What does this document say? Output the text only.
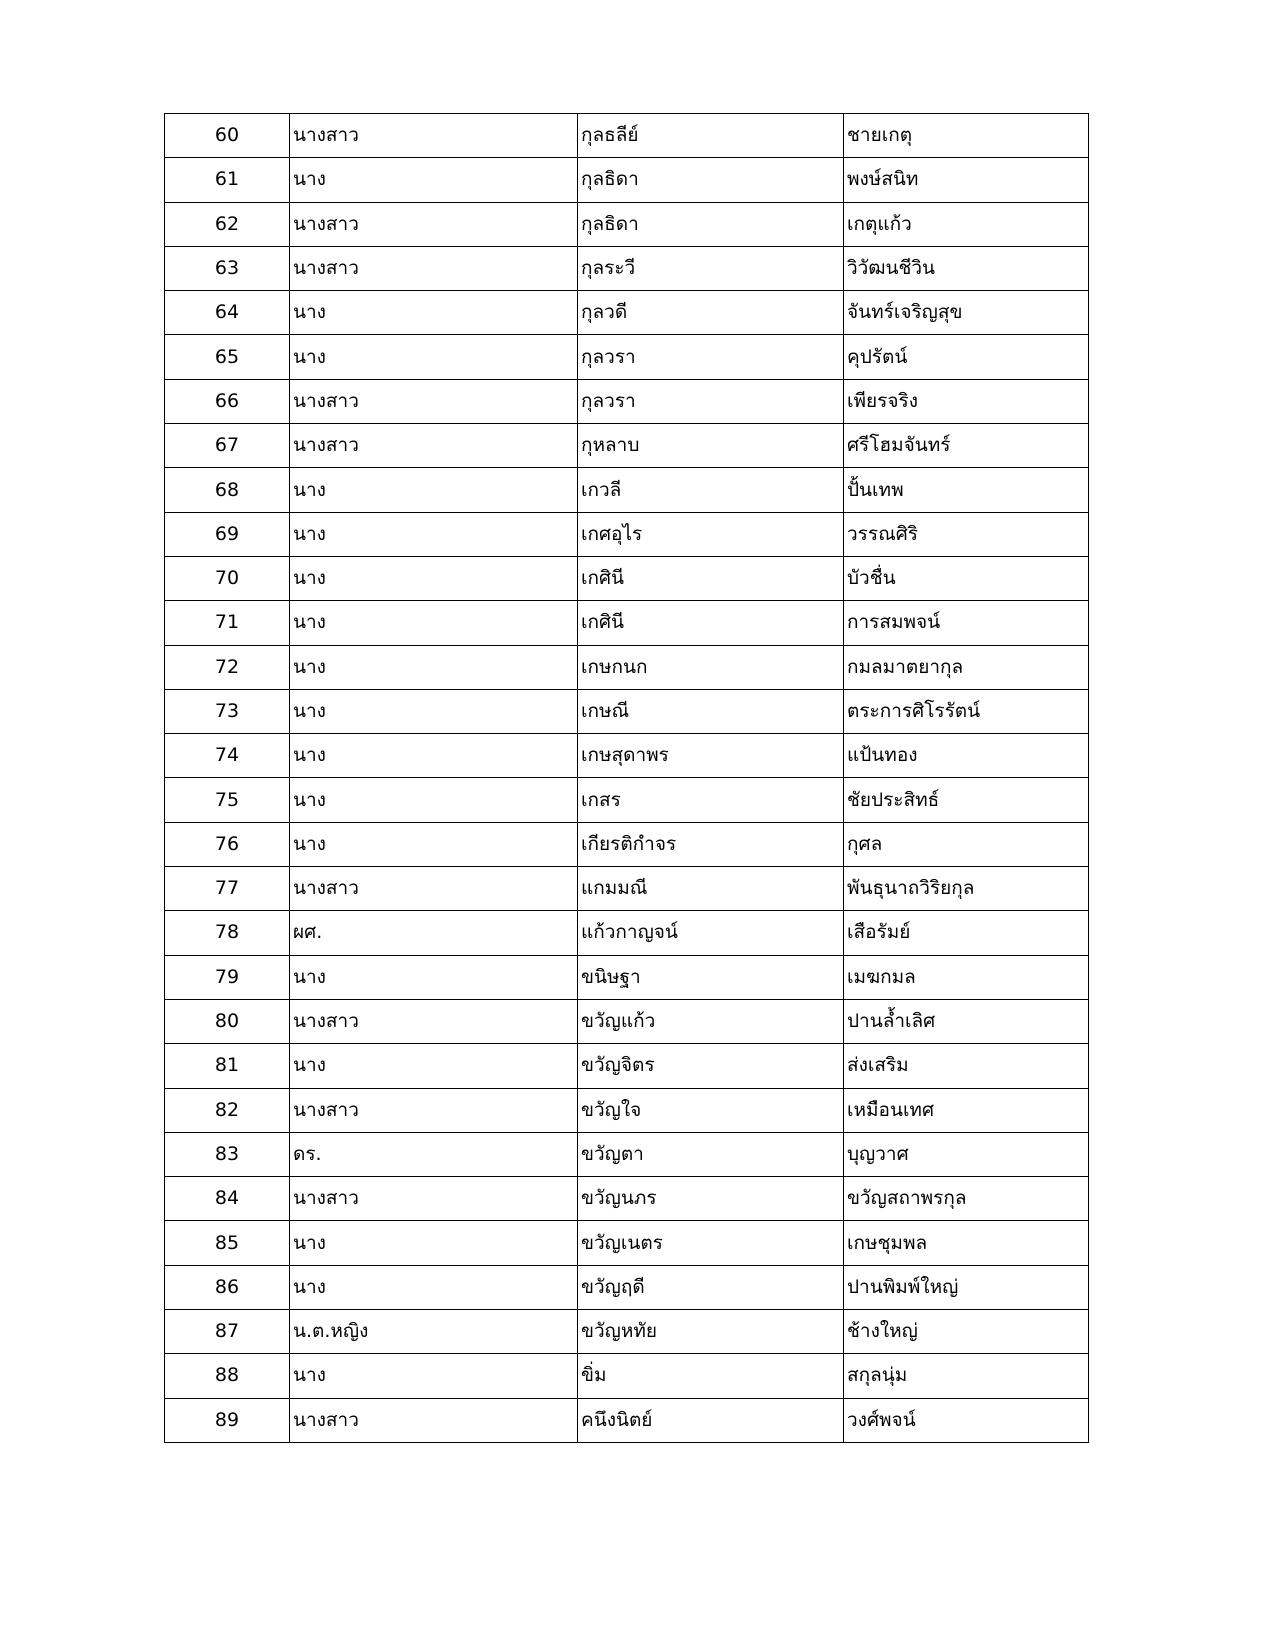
60	นางสาว	กุลธลีย์	ชายเกตุ
61	นาง	กุลธิดา	พงษ์สนิท
62	นางสาว	กุลธิดา	เกตุแก้ว
63	นางสาว	กุลระวี	วิวัฒนชีวิน
64	นาง	กุลวดี	จันทร์เจริญสุข
65	นาง	กุลวรา	คุปรัตน์
66	นางสาว	กุลวรา	เพียรจริง
67	นางสาว	กุหลาบ	ศรีโฮมจันทร์
68	นาง	เกวลี	ปั้นเทพ
69	นาง	เกศอุไร	วรรณศิริ
70	นาง	เกศินี	บัวชื่น
71	นาง	เกศินี	การสมพจน์
72	นาง	เกษกนก	กมลมาตยากุล
73	นาง	เกษณี	ตระการศิโรรัตน์
74	นาง	เกษสุดาพร	แป้นทอง
75	นาง	เกสร	ชัยประสิทธ์
76	นาง	เกียรติกำจร	กุศล
77	นางสาว	แกมมณี	พันธุนาถวิริยกุล
78	ผศ.	แก้วกาญจน์	เสือรัมย์
79	นาง	ขนิษฐา	เมฆกมล
80	นางสาว	ขวัญแก้ว	ปานล้ำเลิศ
81	นาง	ขวัญจิตร	ส่งเสริม
82	นางสาว	ขวัญใจ	เหมือนเทศ
83	ดร.	ขวัญตา	บุญวาศ
84	นางสาว	ขวัญนภร	ขวัญสถาพรกุล
85	นาง	ขวัญเนตร	เกษชุมพล
86	นาง	ขวัญฤดี	ปานพิมพ์ใหญ่
87	น.ต.หญิง	ขวัญหทัย	ช้างใหญ่
88	นาง	ขิ่ม	สกุลนุ่ม
89	นางสาว	คนึงนิตย์	วงศ์พจน์
